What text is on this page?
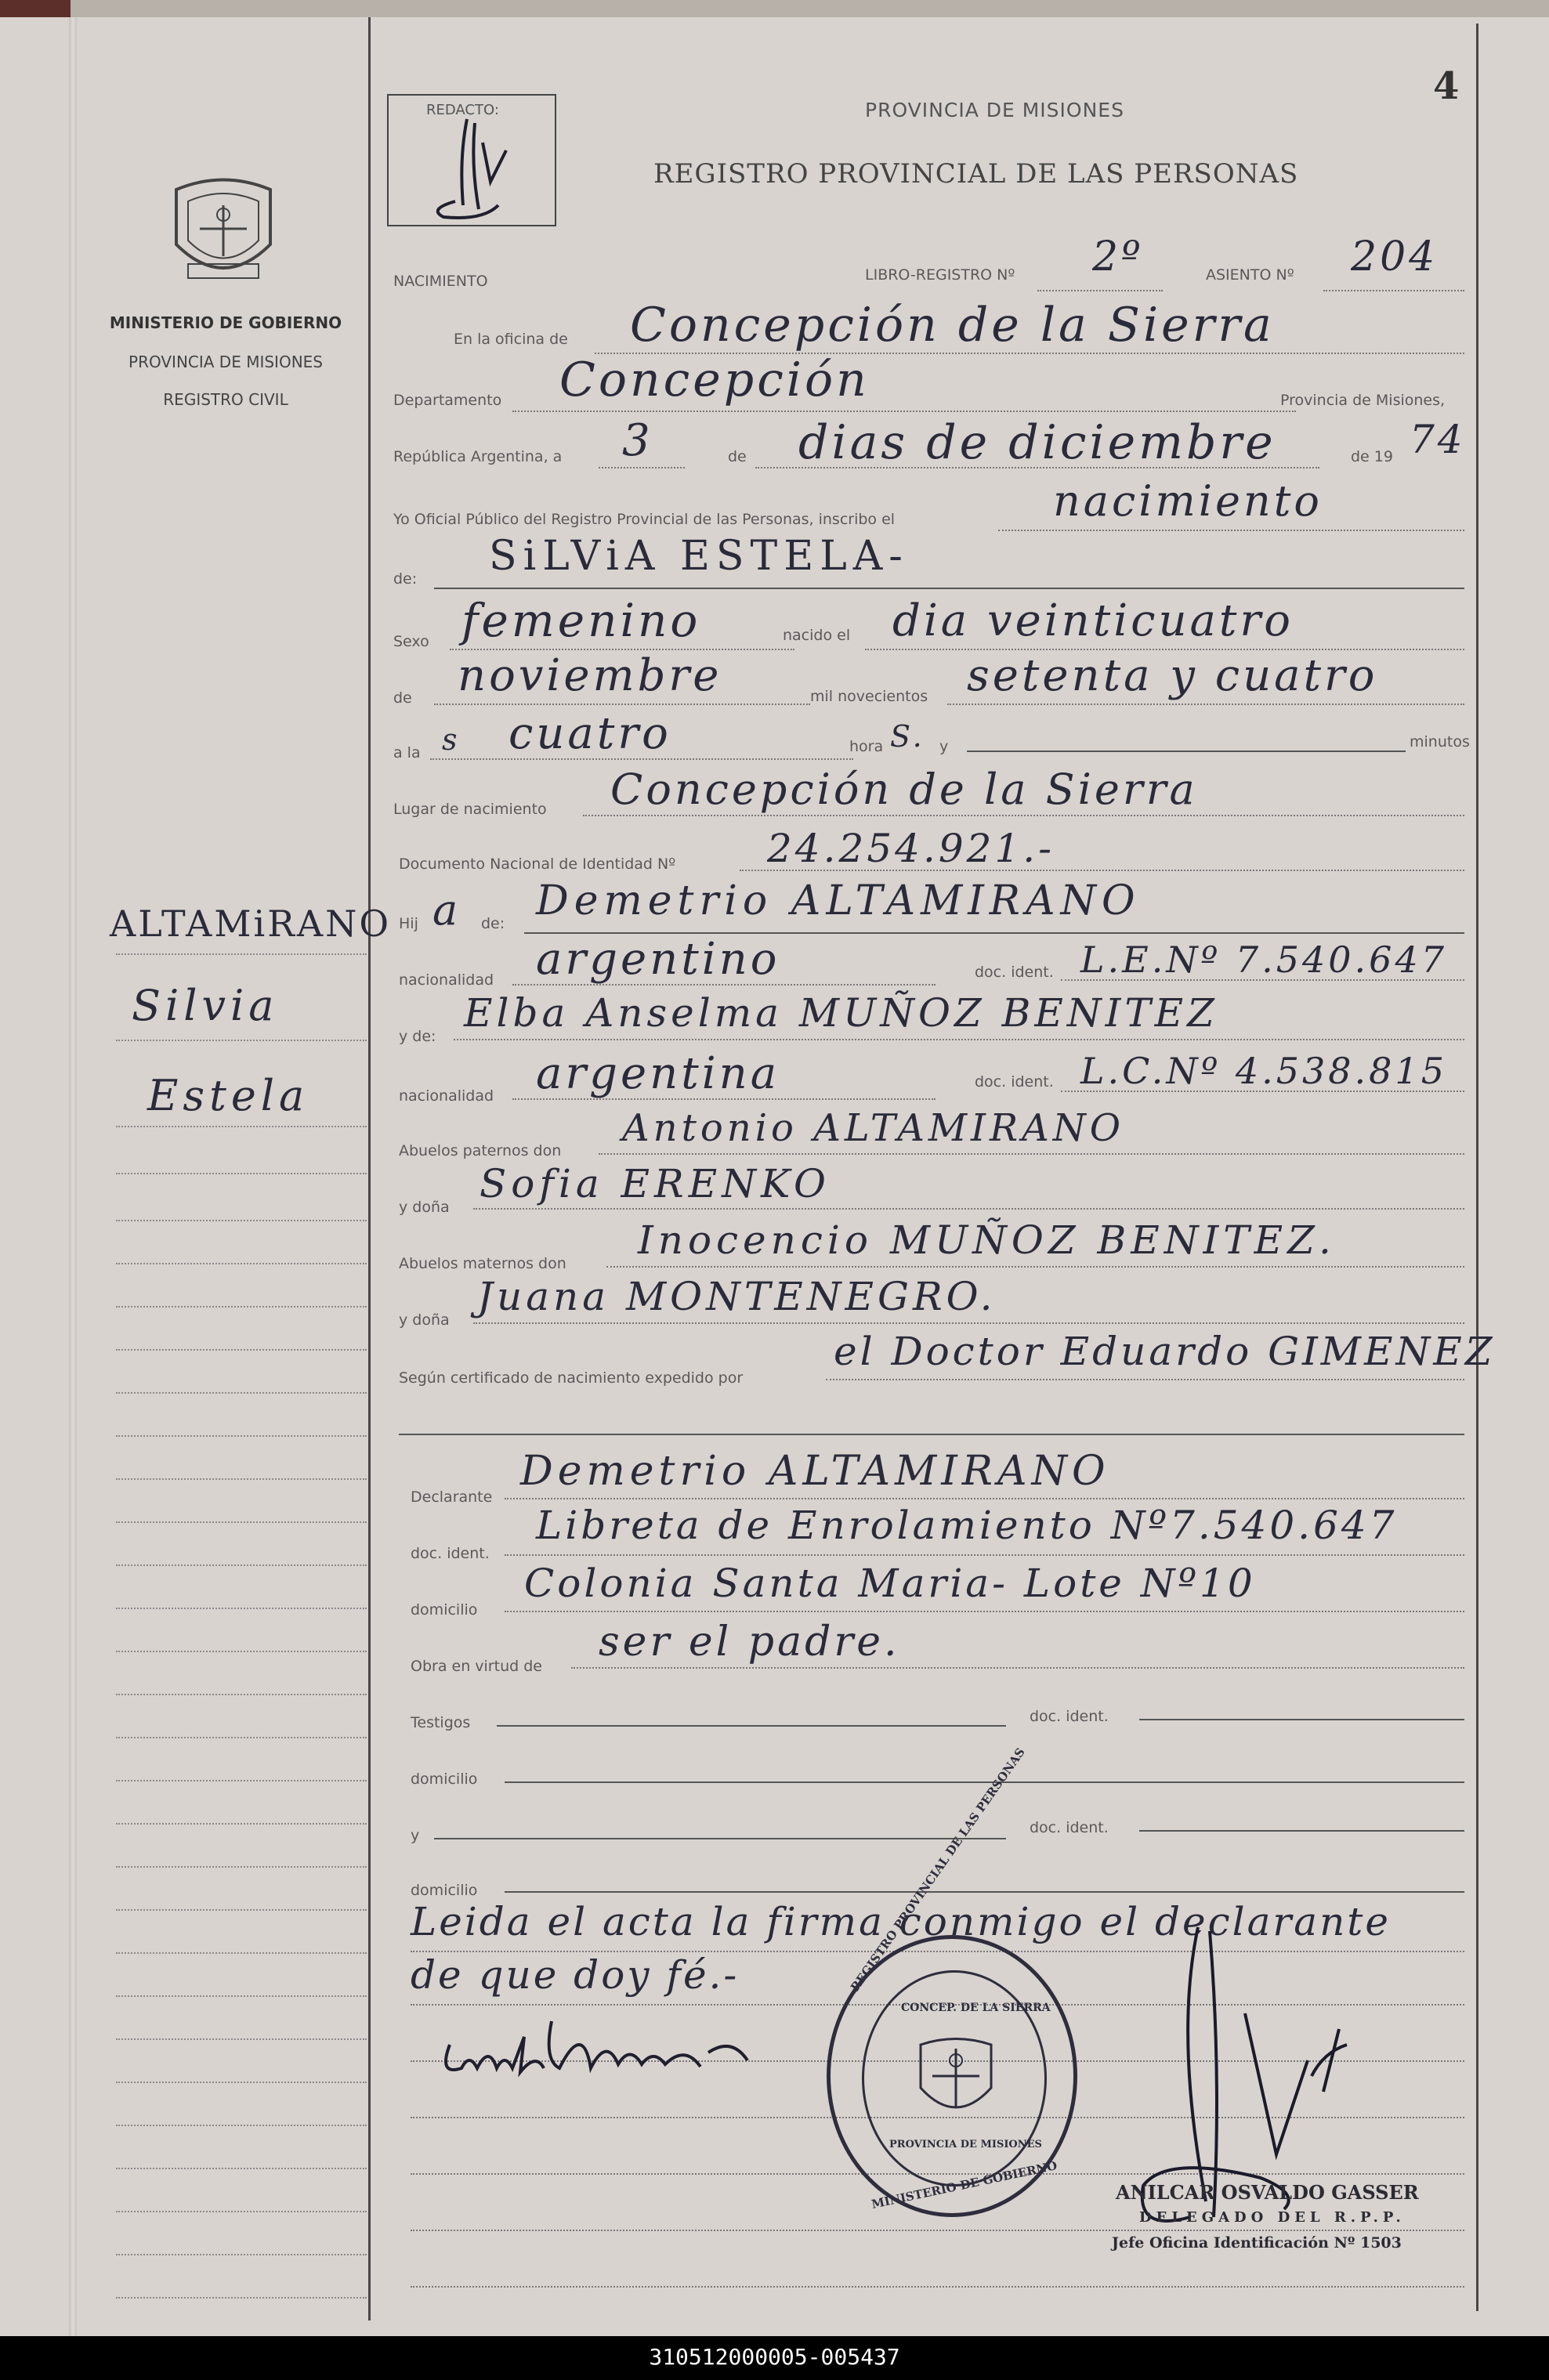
MINISTERIO DE GOBIERNO
PROVINCIA DE MISIONES
REGISTRO CIVIL
ALTAMiRANO
Silvia
Estela
REDACTO:	PROVINCIA DE MISIONES
REGISTRO PROVINCIAL DE LAS PERSONAS
4
NACIMIENTO	LIBRO-REGISTRO Nº 2º	ASIENTO Nº 204
En la oficina de Concepción de la Sierra
Departamento Concepción	Provincia de Misiones,
República Argentina, a 3	de dias de diciembre	de 19 74
Yo Oficial Público del Registro Provincial de las Personas, inscribo el	nacimiento
de: SiLViA ESTELA-
Sexo femenino	nacido el dia veinticuatro
de noviembre	mil novecientos setenta y cuatro
a la s cuatro	hora S. y	minutos
Lugar de nacimiento Concepción de la Sierra
Documento Nacional de Identidad Nº 24.254.921.-
Hij a de: Demetrio ALTAMIRANO
nacionalidad argentino	doc. ident. L.E.Nº 7.540.647
y de:
Elba Anselma MUÑOZ BENITEZ
nacionalidad argentina	doc. ident. L.C.Nº 4.538.815
Abuelos paternos don
Antonio ALTAMIRANO
y doña
Sofia ERENKO
Abuelos maternos don
Inocencio MUÑOZ BENITEZ.
y doña
Juana MONTENEGRO.
Según certificado de nacimiento expedido por
el Doctor Eduardo GIMENEZ
Declarante
Demetrio ALTAMIRANO
doc. ident.
Libreta de Enrolamiento Nº7.540.647
domicilio
Colonia Santa Maria- Lote Nº10
Obra en virtud de
ser el padre.
Testigos	doc. ident.
domicilio
y	doc. ident.
domicilio
Leida el acta la firma conmigo el declarante
de que doy fé.-
ANILCAR OSVALDO GASSER
DELEGADO DEL R.P.P.
Jefe Oficina Identificación Nº 1503
REGISTRO PROVINCIAL DE LAS PERSONAS
CONCEP. DE LA SIERRA
PROVINCIA DE MISIONES
MINISTERIO DE GOBIERNO
310512000005-005437
